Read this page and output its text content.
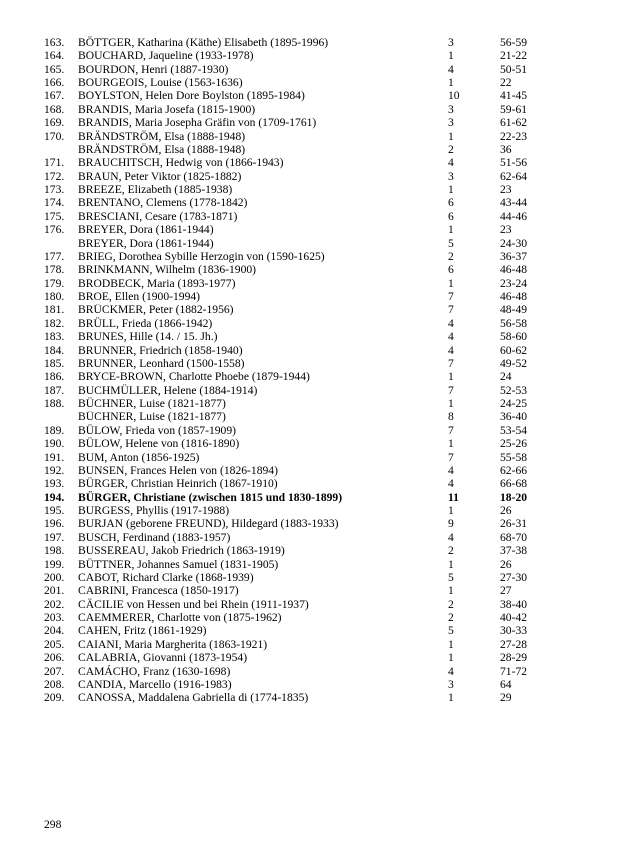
163.	BÖTTGER, Katharina (Käthe) Elisabeth (1895-1996)	3	56-59
164.	BOUCHARD, Jaqueline (1933-1978)	1	21-22
165.	BOURDON, Henri (1887-1930)	4	50-51
166.	BOURGEOIS, Louise (1563-1636)	1	22
167.	BOYLSTON, Helen Dore Boylston (1895-1984)	10	41-45
168.	BRANDIS, Maria Josefa (1815-1900)	3	59-61
169.	BRANDIS, Maria Josepha Gräfin von (1709-1761)	3	61-62
170.	BRÄNDSTRÖM, Elsa (1888-1948)	1	22-23
	BRÄNDSTRÖM, Elsa (1888-1948)	2	36
171.	BRAUCHITSCH, Hedwig von (1866-1943)	4	51-56
172.	BRAUN, Peter Viktor (1825-1882)	3	62-64
173.	BREEZE, Elizabeth (1885-1938)	1	23
174.	BRENTANO, Clemens (1778-1842)	6	43-44
175.	BRESCIANI, Cesare (1783-1871)	6	44-46
176.	BREYER, Dora (1861-1944)	1	23
	BREYER, Dora (1861-1944)	5	24-30
177.	BRIEG, Dorothea Sybille Herzogin von (1590-1625)	2	36-37
178.	BRINKMANN, Wilhelm (1836-1900)	6	46-48
179.	BRODBECK, Maria (1893-1977)	1	23-24
180.	BROE, Ellen (1900-1994)	7	46-48
181.	BRÜCKMER, Peter (1882-1956)	7	48-49
182.	BRÜLL, Frieda (1866-1942)	4	56-58
183.	BRUNES, Hille (14. / 15. Jh.)	4	58-60
184.	BRUNNER, Friedrich (1858-1940)	4	60-62
185.	BRUNNER, Leonhard (1500-1558)	7	49-52
186.	BRYCE-BROWN, Charlotte Phoebe (1879-1944)	1	24
187.	BUCHMÜLLER, Helene (1884-1914)	7	52-53
188.	BÜCHNER, Luise (1821-1877)	1	24-25
	BÜCHNER, Luise (1821-1877)	8	36-40
189.	BÜLOW, Frieda von (1857-1909)	7	53-54
190.	BÜLOW, Helene von (1816-1890)	1	25-26
191.	BUM, Anton (1856-1925)	7	55-58
192.	BUNSEN, Frances Helen von (1826-1894)	4	62-66
193.	BÜRGER, Christian Heinrich (1867-1910)	4	66-68
194.	BÜRGER, Christiane (zwischen 1815 und 1830-1899)	11	18-20
195.	BURGESS, Phyllis (1917-1988)	1	26
196.	BURJAN (geborene FREUND), Hildegard (1883-1933)	9	26-31
197.	BUSCH, Ferdinand (1883-1957)	4	68-70
198.	BUSSEREAU, Jakob Friedrich (1863-1919)	2	37-38
199.	BÜTTNER, Johannes Samuel (1831-1905)	1	26
200.	CABOT, Richard Clarke (1868-1939)	5	27-30
201.	CABRINI, Francesca (1850-1917)	1	27
202.	CÄCILIE von Hessen und bei Rhein (1911-1937)	2	38-40
203.	CAEMMERER, Charlotte von (1875-1962)	2	40-42
204.	CAHEN, Fritz (1861-1929)	5	30-33
205.	CAIANI, Maria Margherita (1863-1921)	1	27-28
206.	CALABRIA, Giovanni (1873-1954)	1	28-29
207.	CAMÁCHO, Franz (1630-1698)	4	71-72
208.	CANDIA, Marcello (1916-1983)	3	64
209.	CANOSSA, Maddalena Gabriella di (1774-1835)	1	29
298
